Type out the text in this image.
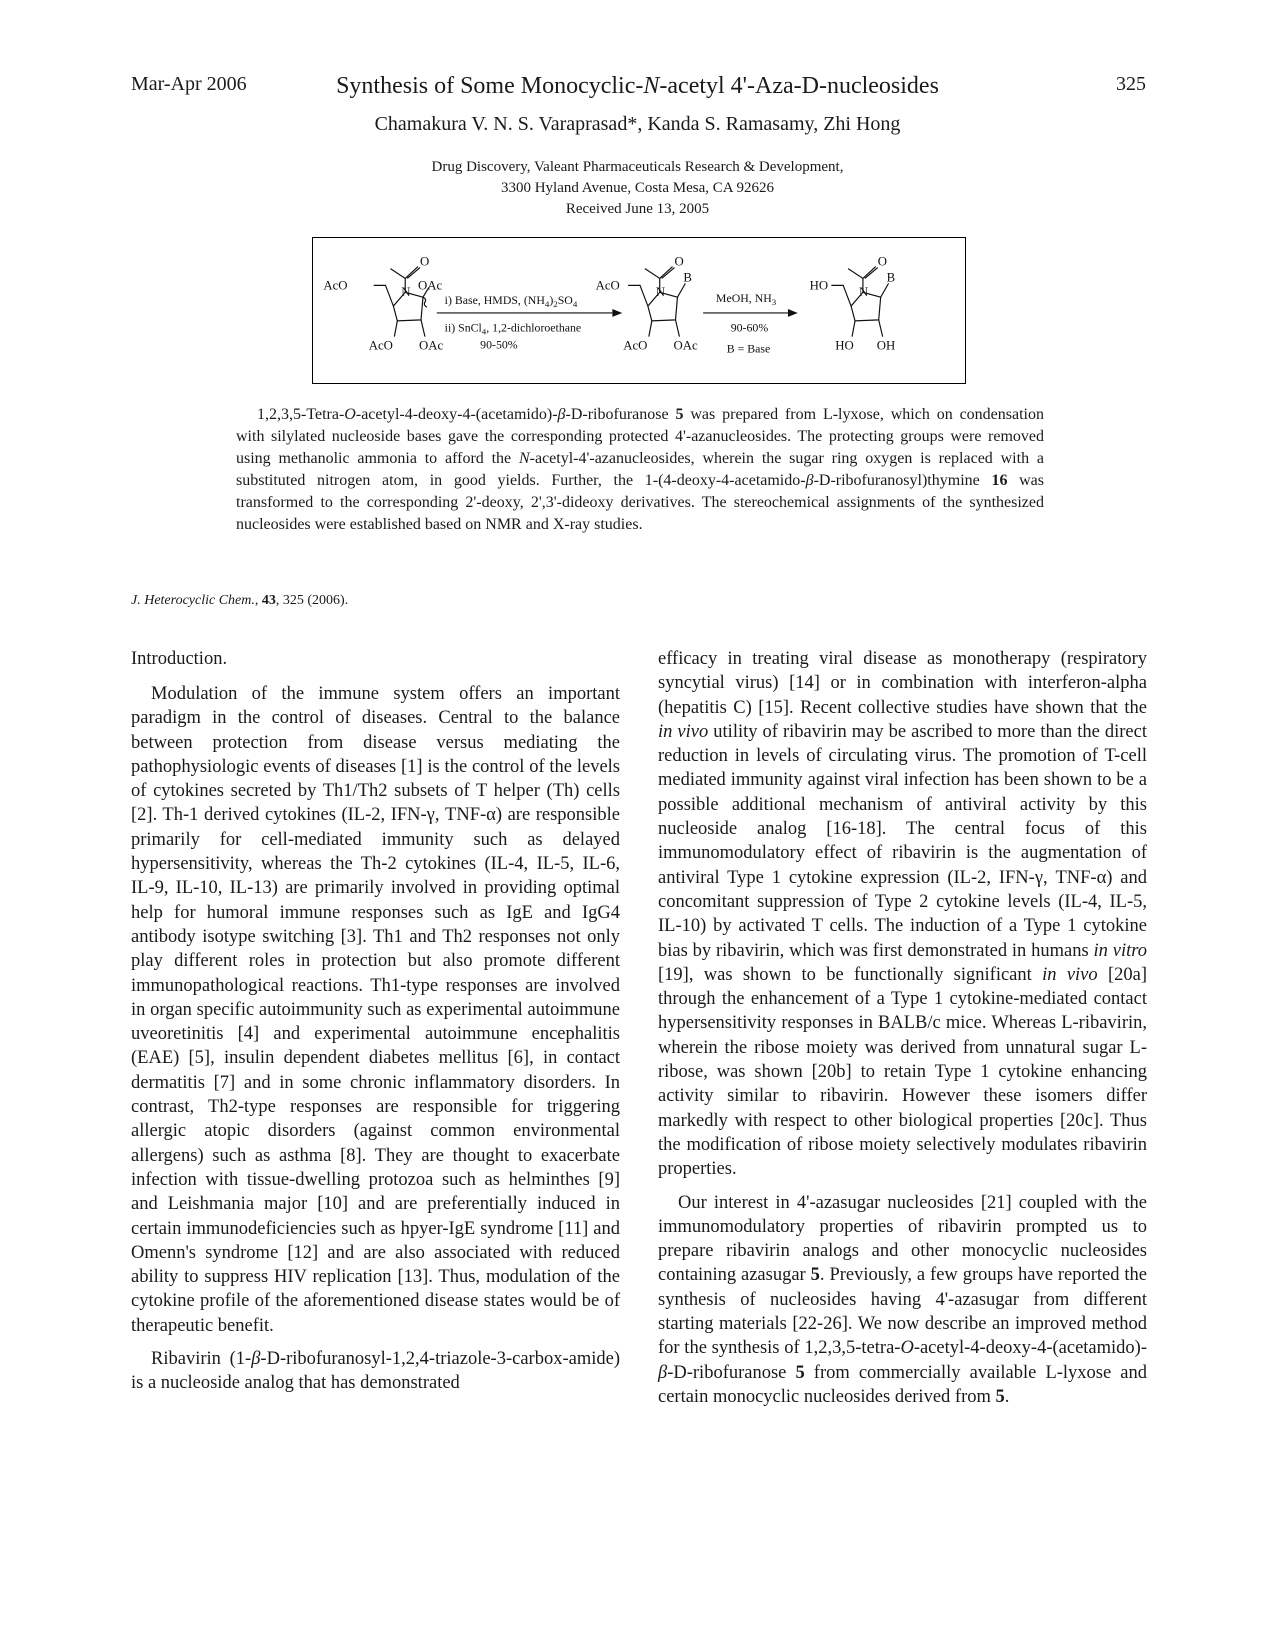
Mar-Apr 2006	Synthesis of Some Monocyclic-N-acetyl 4'-Aza-D-nucleosides	325
Chamakura V. N. S. Varaprasad*, Kanda S. Ramasamy, Zhi Hong
Drug Discovery, Valeant Pharmaceuticals Research & Development,
3300 Hyland Avenue, Costa Mesa, CA 92626
Received June 13, 2005
O
AcO	N OAc
AcO OAc
i) Base, HMDS, $(NH_4)_2SO_4$
ii) SnCl$_4$, 1,2-dichloroethane
90-50%
O
AcO	N
B
AcO OAc
MeOH, $NH_3$
90-60%
B = Base
O
HO N
B
HO OH
1,2,3,5-Tetra-O-acetyl-4-deoxy-4-(acetamido)-β-D-ribofuranose 5 was prepared from L-lyxose, which on condensation with silylated nucleoside bases gave the corresponding protected 4'-azanucleosides. The protecting groups were removed using methanolic ammonia to afford the N-acetyl-4'-azanucleosides, wherein the sugar ring oxygen is replaced with a substituted nitrogen atom, in good yields. Further, the 1-(4-deoxy-4-acetamido-β-D-ribofuranosyl)thymine 16 was transformed to the corresponding 2'-deoxy, 2',3'-dideoxy derivatives. The stereochemical assignments of the synthesized nucleosides were established based on NMR and X-ray studies.
J. Heterocyclic Chem., 43, 325 (2006).
Introduction.

Modulation of the immune system offers an important paradigm in the control of diseases. Central to the balance between protection from disease versus mediating the pathophysiologic events of diseases [1] is the control of the levels of cytokines secreted by Th1/Th2 subsets of T helper (Th) cells [2]. Th-1 derived cytokines (IL-2, IFN-γ, TNF-α) are responsible primarily for cell-mediated immunity such as delayed hypersensitivity, whereas the Th-2 cytokines (IL-4, IL-5, IL-6, IL-9, IL-10, IL-13) are primarily involved in providing optimal help for humoral immune responses such as IgE and IgG4 antibody isotype switching [3]. Th1 and Th2 responses not only play different roles in protection but also promote different immunopathological reactions. Th1-type responses are involved in organ specific autoimmunity such as experimental autoimmune uveoretinitis [4] and experimental autoimmune encephalitis (EAE) [5], insulin dependent diabetes mellitus [6], in contact dermatitis [7] and in some chronic inflammatory disorders. In contrast, Th2-type responses are responsible for triggering allergic atopic disorders (against common environmental allergens) such as asthma [8]. They are thought to exacerbate infection with tissue-dwelling protozoa such as helminthes [9] and Leishmania major [10] and are preferentially induced in certain immunodeficiencies such as hpyer-IgE syndrome [11] and Omenn's syndrome [12] and are also associated with reduced ability to suppress HIV replication [13]. Thus, modulation of the cytokine profile of the aforementioned disease states would be of therapeutic benefit.

Ribavirin (1-β-D-ribofuranosyl-1,2,4-triazole-3-carbox-amide) is a nucleoside analog that has demonstrated

efficacy in treating viral disease as monotherapy (respiratory syncytial virus) [14] or in combination with interferon-alpha (hepatitis C) [15]. Recent collective studies have shown that the in vivo utility of ribavirin may be ascribed to more than the direct reduction in levels of circulating virus. The promotion of T-cell mediated immunity against viral infection has been shown to be a possible additional mechanism of antiviral activity by this nucleoside analog [16-18]. The central focus of this immunomodulatory effect of ribavirin is the augmentation of antiviral Type 1 cytokine expression (IL-2, IFN-γ, TNF-α) and concomitant suppression of Type 2 cytokine levels (IL-4, IL-5, IL-10) by activated T cells. The induction of a Type 1 cytokine bias by ribavirin, which was first demonstrated in humans in vitro [19], was shown to be functionally significant in vivo [20a] through the enhancement of a Type 1 cytokine-mediated contact hypersensitivity responses in BALB/c mice. Whereas L-ribavirin, wherein the ribose moiety was derived from unnatural sugar L-ribose, was shown [20b] to retain Type 1 cytokine enhancing activity similar to ribavirin. However these isomers differ markedly with respect to other biological properties [20c]. Thus the modification of ribose moiety selectively modulates ribavirin properties.

Our interest in 4'-azasugar nucleosides [21] coupled with the immunomodulatory properties of ribavirin prompted us to prepare ribavirin analogs and other monocyclic nucleosides containing azasugar 5. Previously, a few groups have reported the synthesis of nucleosides having 4'-azasugar from different starting materials [22-26]. We now describe an improved method for the synthesis of 1,2,3,5-tetra-O-acetyl-4-deoxy-4-(acetamido)-β-D-ribofuranose 5 from commercially available L-lyxose and certain monocyclic nucleosides derived from 5.
